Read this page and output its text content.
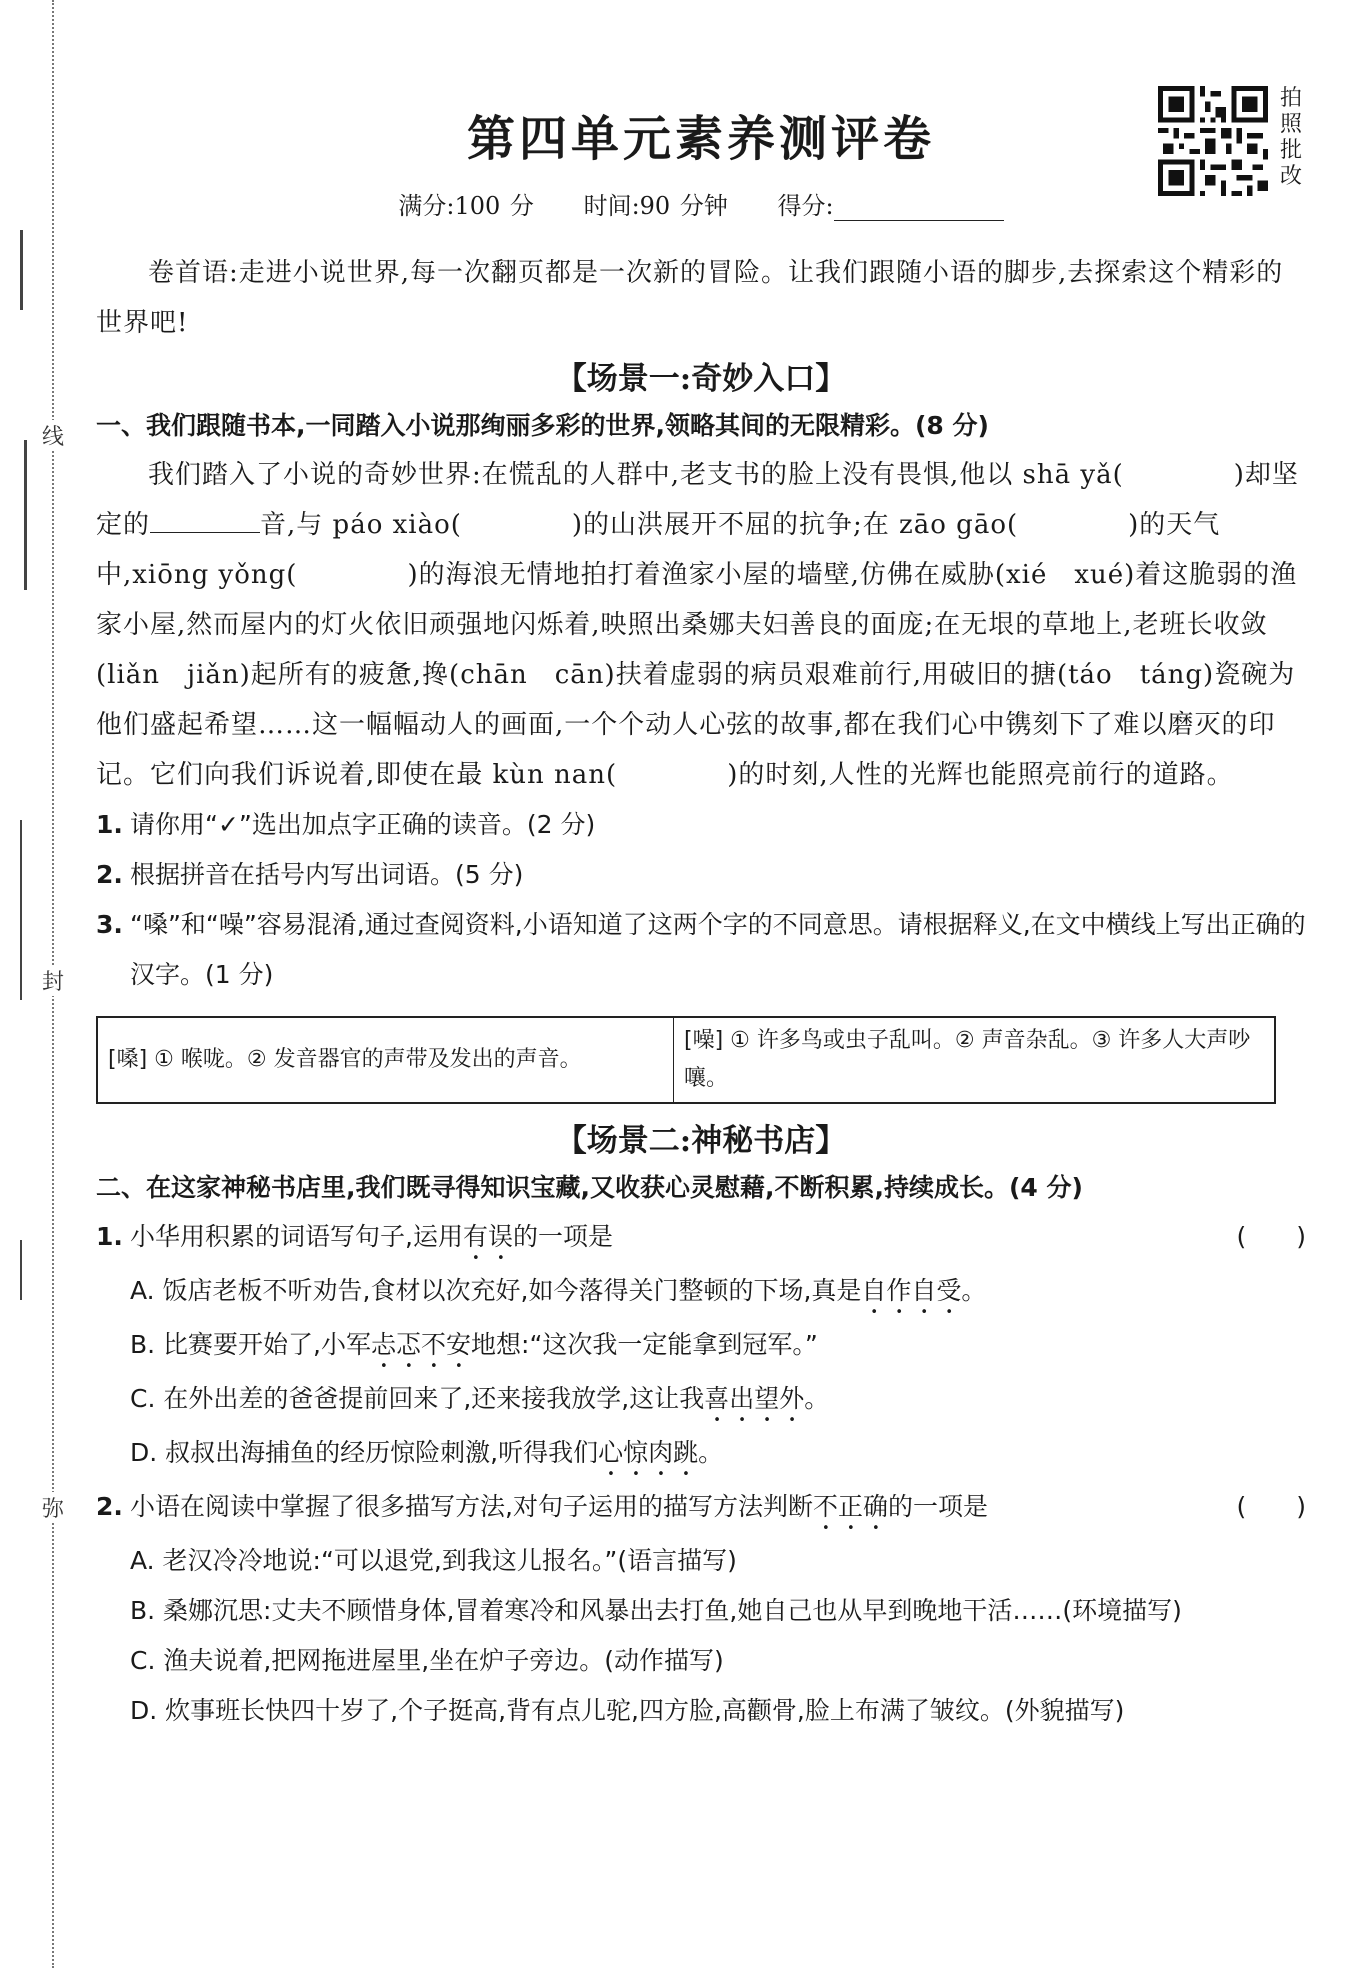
线
封
弥
第四单元素养测评卷
拍照批改
满分:100 分 时间:90 分钟 得分:

卷首语:走进小说世界,每一次翻页都是一次新的冒险。让我们跟随小语的脚步,去探索这个精彩的世界吧!

【场景一:奇妙入口】
一、我们跟随书本,一同踏入小说那绚丽多彩的世界,领略其间的无限精彩。(8 分)

我们踏入了小说的奇妙世界:在慌乱的人群中,老支书的脸上没有畏惧,他以 shā yǎ(	)却坚定的	音,与 páo xiào(	)的山洪展开不屈的抗争;在 zāo gāo(	)的天气中,xiōng yǒng(	)的海浪无情地拍打着渔家小屋的墙壁,仿佛在威胁(xié　xué)着这脆弱的渔家小屋,然而屋内的灯火依旧顽强地闪烁着,映照出桑娜夫妇善良的面庞;在无垠的草地上,老班长收敛(liǎn　jiǎn)起所有的疲惫,搀(chān　cān)扶着虚弱的病员艰难前行,用破旧的搪(táo　táng)瓷碗为他们盛起希望……这一幅幅动人的画面,一个个动人心弦的故事,都在我们心中镌刻下了难以磨灭的印记。它们向我们诉说着,即使在最 kùn nan(	)的时刻,人性的光辉也能照亮前行的道路。

1. 请你用“✓”选出加点字正确的读音。(2 分)
2. 根据拼音在括号内写出词语。(5 分)
3. “嗓”和“噪”容易混淆,通过查阅资料,小语知道了这两个字的不同意思。请根据释义,在文中横线上写出正确的汉字。(1 分)
[嗓] ① 喉咙。② 发音器官的声带及发出的声音。	[噪] ① 许多鸟或虫子乱叫。② 声音杂乱。③ 许多人大声吵嚷。
【场景二:神秘书店】
二、在这家神秘书店里,我们既寻得知识宝藏,又收获心灵慰藉,不断积累,持续成长。(4 分)
1. 小华用积累的词语写句子,运用有误的一项是	(　　)
A. 饭店老板不听劝告,食材以次充好,如今落得关门整顿的下场,真是自作自受。
B. 比赛要开始了,小军忐忑不安地想:“这次我一定能拿到冠军。”
C. 在外出差的爸爸提前回来了,还来接我放学,这让我喜出望外。
D. 叔叔出海捕鱼的经历惊险刺激,听得我们心惊肉跳。
2. 小语在阅读中掌握了很多描写方法,对句子运用的描写方法判断不正确的一项是	(　　)
A. 老汉冷冷地说:“可以退党,到我这儿报名。”(语言描写)
B. 桑娜沉思:丈夫不顾惜身体,冒着寒冷和风暴出去打鱼,她自己也从早到晚地干活……(环境描写)
C. 渔夫说着,把网拖进屋里,坐在炉子旁边。(动作描写)
D. 炊事班长快四十岁了,个子挺高,背有点儿驼,四方脸,高颧骨,脸上布满了皱纹。(外貌描写)
